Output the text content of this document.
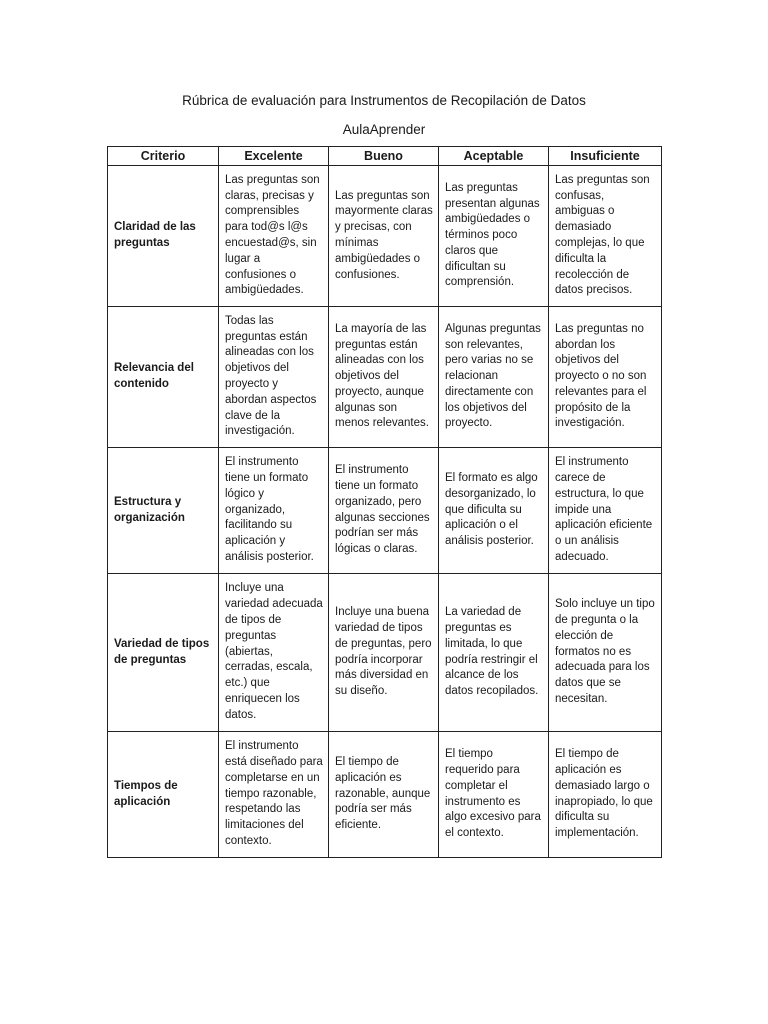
Rúbrica de evaluación para Instrumentos de Recopilación de Datos
AulaAprender
Criterio	Excelente	Bueno	Aceptable	Insuficiente
Claridad de las preguntas	Las preguntas son claras, precisas y comprensibles para tod@s l@s encuestad@s, sin lugar a confusiones o ambigüedades.	Las preguntas son mayormente claras y precisas, con mínimas ambigüedades o confusiones.	Las preguntas presentan algunas ambigüedades o términos poco claros que dificultan su comprensión.	Las preguntas son confusas, ambiguas o demasiado complejas, lo que dificulta la recolección de datos precisos.
Relevancia del contenido	Todas las preguntas están alineadas con los objetivos del proyecto y abordan aspectos clave de la investigación.	La mayoría de las preguntas están alineadas con los objetivos del proyecto, aunque algunas son menos relevantes.	Algunas preguntas son relevantes, pero varias no se relacionan directamente con los objetivos del proyecto.	Las preguntas no abordan los objetivos del proyecto o no son relevantes para el propósito de la investigación.
Estructura y organización	El instrumento tiene un formato lógico y organizado, facilitando su aplicación y análisis posterior.	El instrumento tiene un formato organizado, pero algunas secciones podrían ser más lógicas o claras.	El formato es algo desorganizado, lo que dificulta su aplicación o el análisis posterior.	El instrumento carece de estructura, lo que impide una aplicación eficiente o un análisis adecuado.
Variedad de tipos de preguntas	Incluye una variedad adecuada de tipos de preguntas (abiertas, cerradas, escala, etc.) que enriquecen los datos.	Incluye una buena variedad de tipos de preguntas, pero podría incorporar más diversidad en su diseño.	La variedad de preguntas es limitada, lo que podría restringir el alcance de los datos recopilados.	Solo incluye un tipo de pregunta o la elección de formatos no es adecuada para los datos que se necesitan.
Tiempos de aplicación	El instrumento está diseñado para completarse en un tiempo razonable, respetando las limitaciones del contexto.	El tiempo de aplicación es razonable, aunque podría ser más eficiente.	El tiempo requerido para completar el instrumento es algo excesivo para el contexto.	El tiempo de aplicación es demasiado largo o inapropiado, lo que dificulta su implementación.
